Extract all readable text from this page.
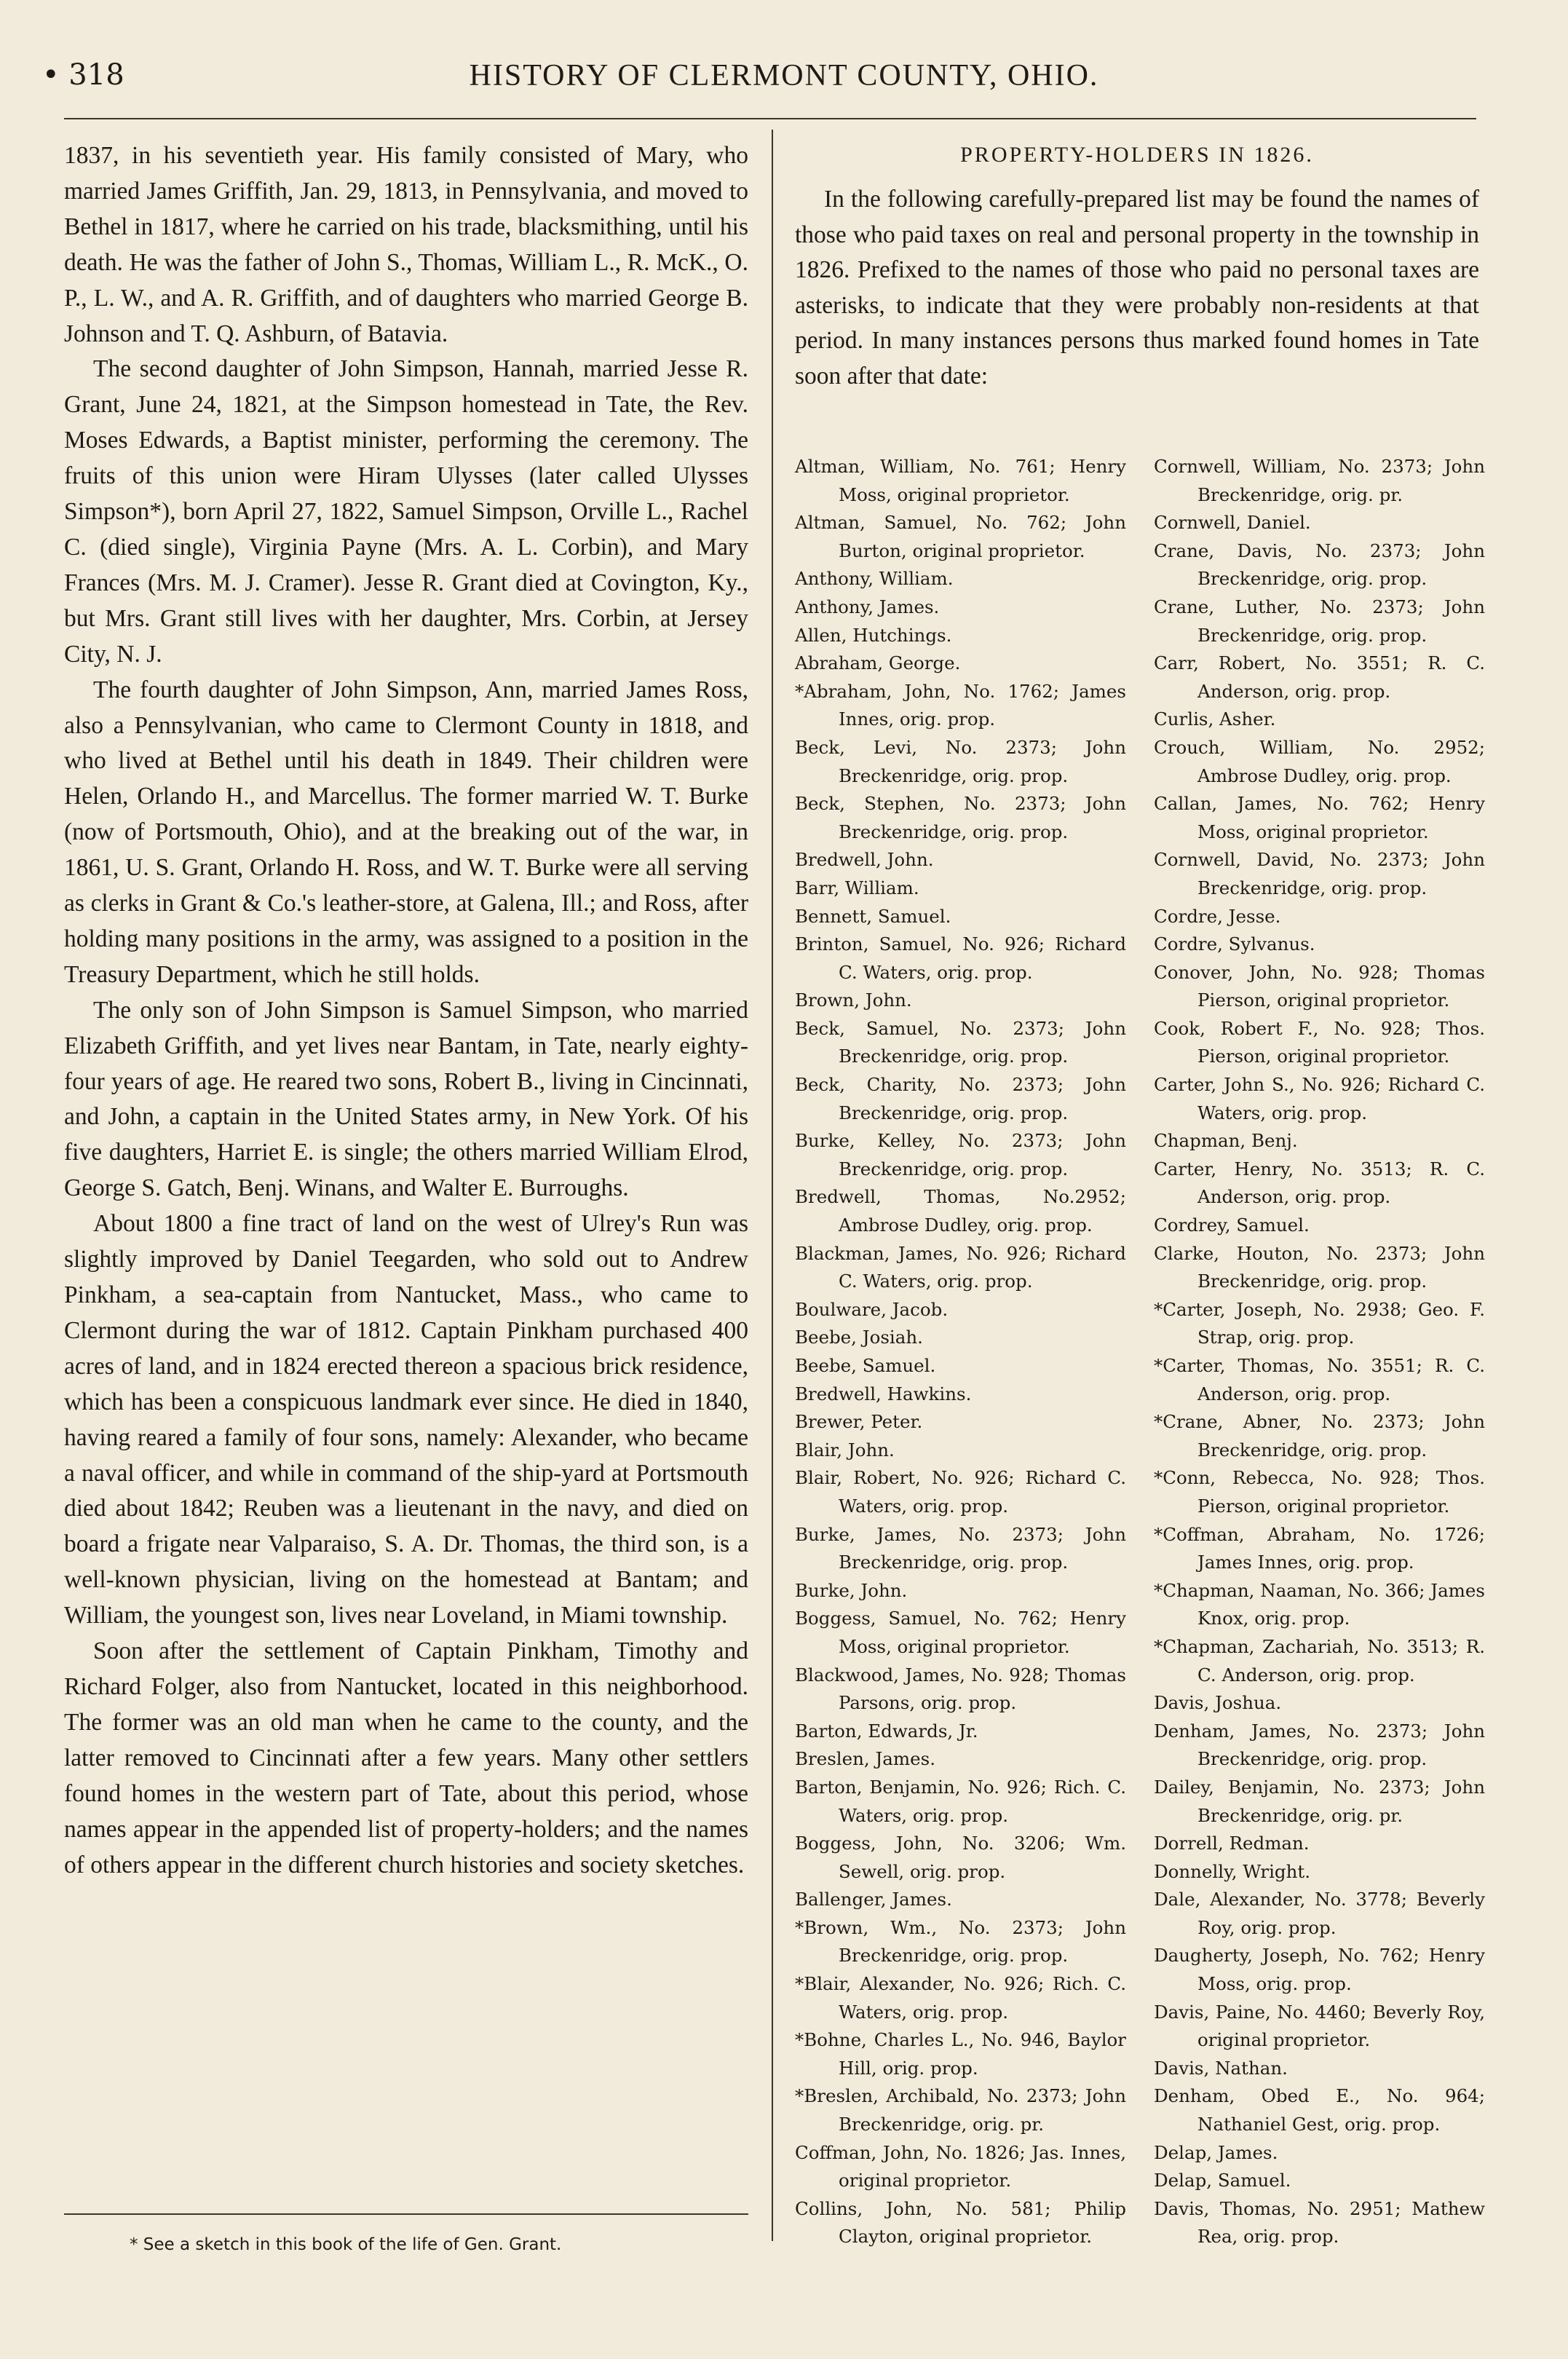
• 318	HISTORY OF CLERMONT COUNTY, OHIO.

1837, in his seventieth year. His family consisted of Mary, who married James Griffith, Jan. 29, 1813, in Pennsylvania, and moved to Bethel in 1817, where he carried on his trade, blacksmithing, until his death. He was the father of John S., Thomas, William L., R. McK., O. P., L. W., and A. R. Griffith, and of daughters who married George B. Johnson and T. Q. Ashburn, of Batavia.

The second daughter of John Simpson, Hannah, married Jesse R. Grant, June 24, 1821, at the Simpson homestead in Tate, the Rev. Moses Edwards, a Baptist minister, performing the ceremony. The fruits of this union were Hiram Ulysses (later called Ulysses Simpson*), born April 27, 1822, Samuel Simpson, Orville L., Rachel C. (died single), Virginia Payne (Mrs. A. L. Corbin), and Mary Frances (Mrs. M. J. Cramer). Jesse R. Grant died at Covington, Ky., but Mrs. Grant still lives with her daughter, Mrs. Corbin, at Jersey City, N. J.

The fourth daughter of John Simpson, Ann, married James Ross, also a Pennsylvanian, who came to Clermont County in 1818, and who lived at Bethel until his death in 1849. Their children were Helen, Orlando H., and Marcellus. The former married W. T. Burke (now of Portsmouth, Ohio), and at the breaking out of the war, in 1861, U. S. Grant, Orlando H. Ross, and W. T. Burke were all serving as clerks in Grant & Co.'s leather-store, at Galena, Ill.; and Ross, after holding many positions in the army, was assigned to a position in the Treasury Department, which he still holds.

The only son of John Simpson is Samuel Simpson, who married Elizabeth Griffith, and yet lives near Bantam, in Tate, nearly eighty-four years of age. He reared two sons, Robert B., living in Cincinnati, and John, a captain in the United States army, in New York. Of his five daughters, Harriet E. is single; the others married William Elrod, George S. Gatch, Benj. Winans, and Walter E. Burroughs.

About 1800 a fine tract of land on the west of Ulrey's Run was slightly improved by Daniel Teegarden, who sold out to Andrew Pinkham, a sea-captain from Nantucket, Mass., who came to Clermont during the war of 1812. Captain Pinkham purchased 400 acres of land, and in 1824 erected thereon a spacious brick residence, which has been a conspicuous landmark ever since. He died in 1840, having reared a family of four sons, namely: Alexander, who became a naval officer, and while in command of the ship-yard at Portsmouth died about 1842; Reuben was a lieutenant in the navy, and died on board a frigate near Valparaiso, S. A. Dr. Thomas, the third son, is a well-known physician, living on the homestead at Bantam; and William, the youngest son, lives near Loveland, in Miami township.

Soon after the settlement of Captain Pinkham, Timothy and Richard Folger, also from Nantucket, located in this neighborhood. The former was an old man when he came to the county, and the latter removed to Cincinnati after a few years. Many other settlers found homes in the western part of Tate, about this period, whose names appear in the appended list of property-holders; and the names of others appear in the different church histories and society sketches.

* See a sketch in this book of the life of Gen. Grant.
PROPERTY-HOLDERS IN 1826.

In the following carefully-prepared list may be found the names of those who paid taxes on real and personal property in the township in 1826. Prefixed to the names of those who paid no personal taxes are asterisks, to indicate that they were probably non-residents at that period. In many instances persons thus marked found homes in Tate soon after that date:

Altman, William, No. 761; Henry Moss, original proprietor.
Altman, Samuel, No. 762; John Burton, original proprietor.
Anthony, William.
Anthony, James.
Allen, Hutchings.
Abraham, George.
*Abraham, John, No. 1762; James Innes, orig. prop.
Beck, Levi, No. 2373; John Breckenridge, orig. prop.
Beck, Stephen, No. 2373; John Breckenridge, orig. prop.
Bredwell, John.
Barr, William.
Bennett, Samuel.
Brinton, Samuel, No. 926; Richard C. Waters, orig. prop.
Brown, John.
Beck, Samuel, No. 2373; John Breckenridge, orig. prop.
Beck, Charity, No. 2373; John Breckenridge, orig. prop.
Burke, Kelley, No. 2373; John Breckenridge, orig. prop.
Bredwell, Thomas, No.2952; Ambrose Dudley, orig. prop.
Blackman, James, No. 926; Richard C. Waters, orig. prop.
Boulware, Jacob.
Beebe, Josiah.
Beebe, Samuel.
Bredwell, Hawkins.
Brewer, Peter.
Blair, John.
Blair, Robert, No. 926; Richard C. Waters, orig. prop.
Burke, James, No. 2373; John Breckenridge, orig. prop.
Burke, John.
Boggess, Samuel, No. 762; Henry Moss, original proprietor.
Blackwood, James, No. 928; Thomas Parsons, orig. prop.
Barton, Edwards, Jr.
Breslen, James.
Barton, Benjamin, No. 926; Rich. C. Waters, orig. prop.
Boggess, John, No. 3206; Wm. Sewell, orig. prop.
Ballenger, James.
*Brown, Wm., No. 2373; John Breckenridge, orig. prop.
*Blair, Alexander, No. 926; Rich. C. Waters, orig. prop.
*Bohne, Charles L., No. 946, Baylor Hill, orig. prop.
*Breslen, Archibald, No. 2373; John Breckenridge, orig. pr.
Coffman, John, No. 1826; Jas. Innes, original proprietor.
Collins, John, No. 581; Philip Clayton, original proprietor.
Cornwell, William, No. 2373; John Breckenridge, orig. pr.
Cornwell, Daniel.
Crane, Davis, No. 2373; John Breckenridge, orig. prop.
Crane, Luther, No. 2373; John Breckenridge, orig. prop.
Carr, Robert, No. 3551; R. C. Anderson, orig. prop.
Curlis, Asher.
Crouch, William, No. 2952; Ambrose Dudley, orig. prop.
Callan, James, No. 762; Henry Moss, original proprietor.
Cornwell, David, No. 2373; John Breckenridge, orig. prop.
Cordre, Jesse.
Cordre, Sylvanus.
Conover, John, No. 928; Thomas Pierson, original proprietor.
Cook, Robert F., No. 928; Thos. Pierson, original proprietor.
Carter, John S., No. 926; Richard C. Waters, orig. prop.
Chapman, Benj.
Carter, Henry, No. 3513; R. C. Anderson, orig. prop.
Cordrey, Samuel.
Clarke, Houton, No. 2373; John Breckenridge, orig. prop.
*Carter, Joseph, No. 2938; Geo. F. Strap, orig. prop.
*Carter, Thomas, No. 3551; R. C. Anderson, orig. prop.
*Crane, Abner, No. 2373; John Breckenridge, orig. prop.
*Conn, Rebecca, No. 928; Thos. Pierson, original proprietor.
*Coffman, Abraham, No. 1726; James Innes, orig. prop.
*Chapman, Naaman, No. 366; James Knox, orig. prop.
*Chapman, Zachariah, No. 3513; R. C. Anderson, orig. prop.
Davis, Joshua.
Denham, James, No. 2373; John Breckenridge, orig. prop.
Dailey, Benjamin, No. 2373; John Breckenridge, orig. pr.
Dorrell, Redman.
Donnelly, Wright.
Dale, Alexander, No. 3778; Beverly Roy, orig. prop.
Daugherty, Joseph, No. 762; Henry Moss, orig. prop.
Davis, Paine, No. 4460; Beverly Roy, original proprietor.
Davis, Nathan.
Denham, Obed E., No. 964; Nathaniel Gest, orig. prop.
Delap, James.
Delap, Samuel.
Davis, Thomas, No. 2951; Mathew Rea, orig. prop.
